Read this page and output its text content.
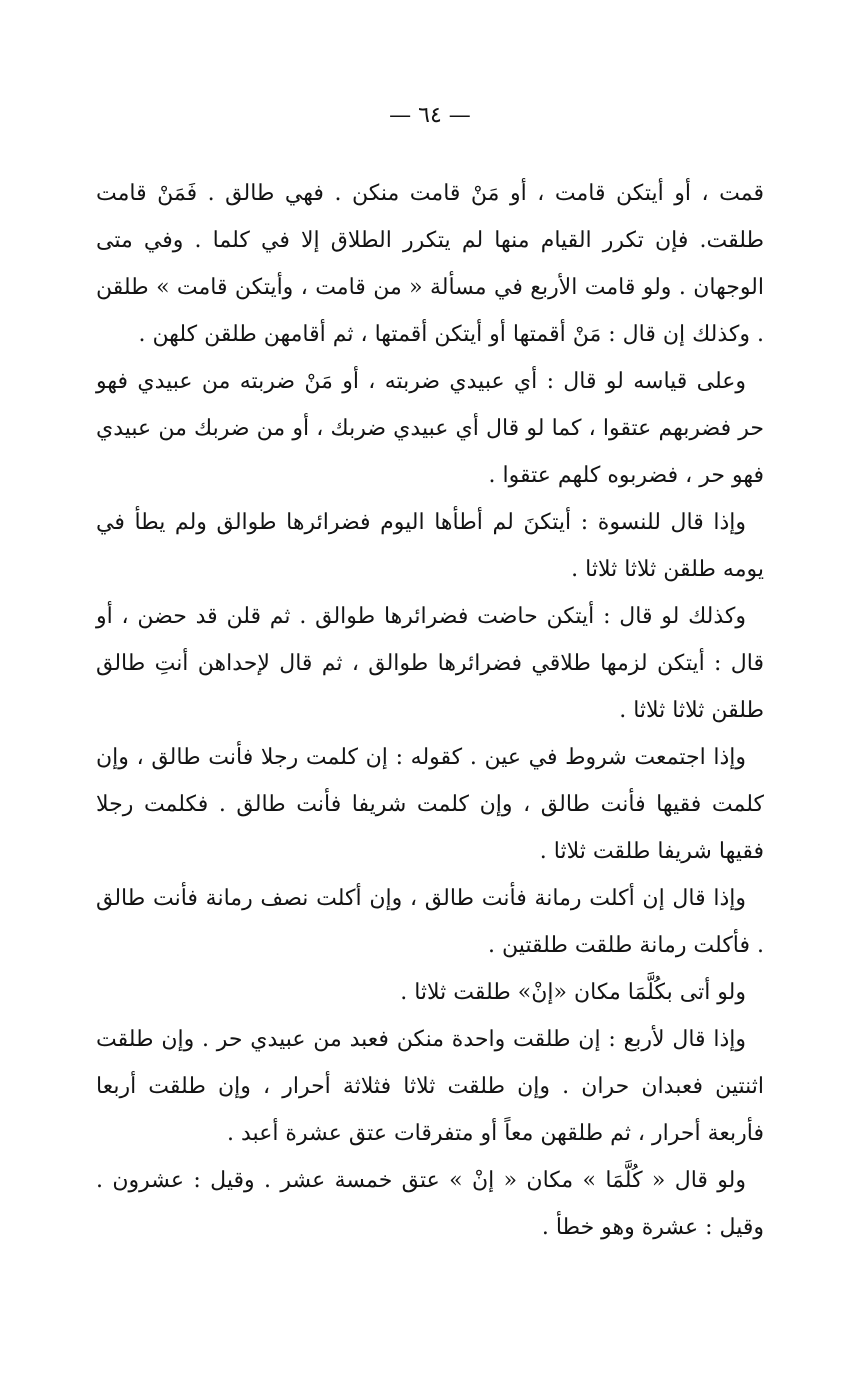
— ٦٤ —

قمت ، أو أيتكن قامت ، أو مَنْ قامت منكن . فهي طالق . فَمَنْ قامت طلقت. فإن تكرر القيام منها لم يتكرر الطلاق إلا في كلما . وفي متى الوجهان . ولو قامت الأربع في مسألة « من قامت ، وأيتكن قامت » طلقن . وكذلك إن قال : مَنْ أقمتها أو أيتكن أقمتها ، ثم أقامهن طلقن كلهن .

وعلى قياسه لو قال : أي عبيدي ضربته ، أو مَنْ ضربته من عبيدي فهو حر فضربهم عتقوا ، كما لو قال أي عبيدي ضربك ، أو من ضربك من عبيدي فهو حر ، فضربوه كلهم عتقوا .

وإذا قال للنسوة : أيتكنَ لم أطأها اليوم فضرائرها طوالق ولم يطأ في يومه طلقن ثلاثا ثلاثا .

وكذلك لو قال : أيتكن حاضت فضرائرها طوالق . ثم قلن قد حضن ، أو قال : أيتكن لزمها طلاقي فضرائرها طوالق ، ثم قال لإحداهن أنتِ طالق طلقن ثلاثا ثلاثا .

وإذا اجتمعت شروط في عين . كقوله : إن كلمت رجلا فأنت طالق ، وإن كلمت فقيها فأنت طالق ، وإن كلمت شريفا فأنت طالق . فكلمت رجلا فقيها شريفا طلقت ثلاثا .

وإذا قال إن أكلت رمانة فأنت طالق ، وإن أكلت نصف رمانة فأنت طالق . فأكلت رمانة طلقت طلقتين .

ولو أتى بكُلَّمَا مكان «إنْ» طلقت ثلاثا .

وإذا قال لأربع : إن طلقت واحدة منكن فعبد من عبيدي حر . وإن طلقت اثنتين فعبدان حران . وإن طلقت ثلاثا فثلاثة أحرار ، وإن طلقت أربعا فأربعة أحرار ، ثم طلقهن معاً أو متفرقات عتق عشرة أعبد .

ولو قال « كُلَّمَا » مكان « إنْ » عتق خمسة عشر . وقيل : عشرون . وقيل : عشرة وهو خطأ .
